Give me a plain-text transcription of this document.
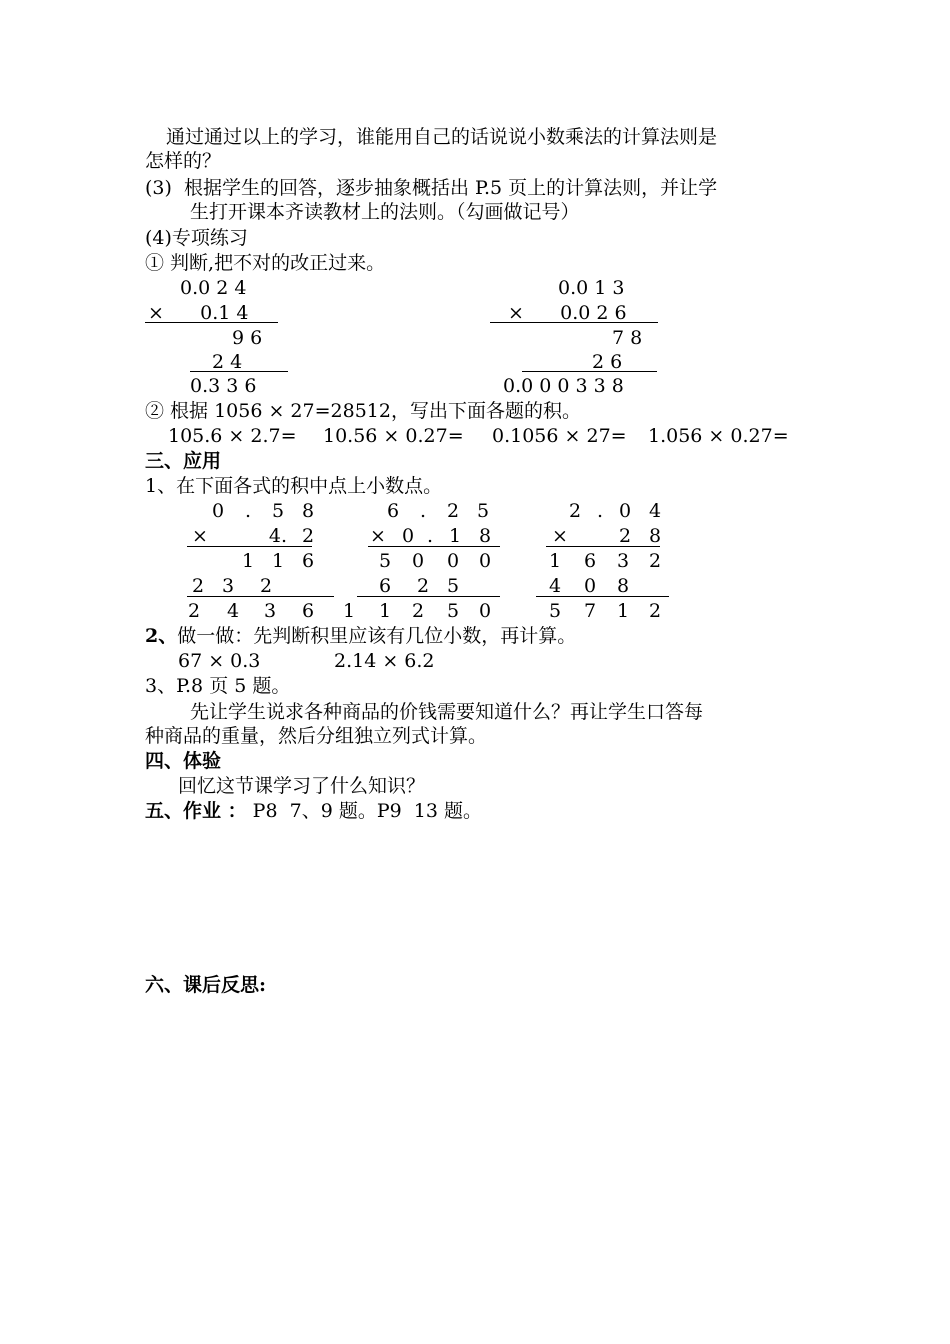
通过通过以上的学习，谁能用自己的话说说小数乘法的计算法则是
怎样的？
(3)  根据学生的回答，逐步抽象概括出 P.5 页上的计算法则，并让学
生打开课本齐读教材上的法则。（勾画做记号）
(4)专项练习
① 判断,把不对的改正过来。
0.0 2 4
×      0.1 4
9 6
2 4
0.3 3 6
0.0 1 3
×      0.0 2 6
7 8
2 6
0.0 0 0 3 3 8
② 根据 1056 × 27=28512，写出下面各题的积。
105.6 × 2.7= 10.56 × 0.27= 0.1056 × 27= 1.056 × 0.27=
三、应用
1、在下面各式的积中点上小数点。
0	.	5 8
×	4. 2
1 1 6
2 3	2
2	4	3	6
6	.	2 5
× 0 . 1 8
5	0	0	0
6	2 5
1	1	2	5	0
2 . 0 4
×	2 8
1	6	3	2
4	0	8
5	7	1	2
2、做一做：先判断积里应该有几位小数，再计算。
67 × 0.3	2.14 × 6.2
3、P.8 页 5 题。
先让学生说求各种商品的价钱需要知道什么？再让学生口答每
种商品的重量，然后分组独立列式计算。
四、体验
回忆这节课学习了什么知识？
五、作业 ： P8  7、9 题。P9  13 题。
六、课后反思:
